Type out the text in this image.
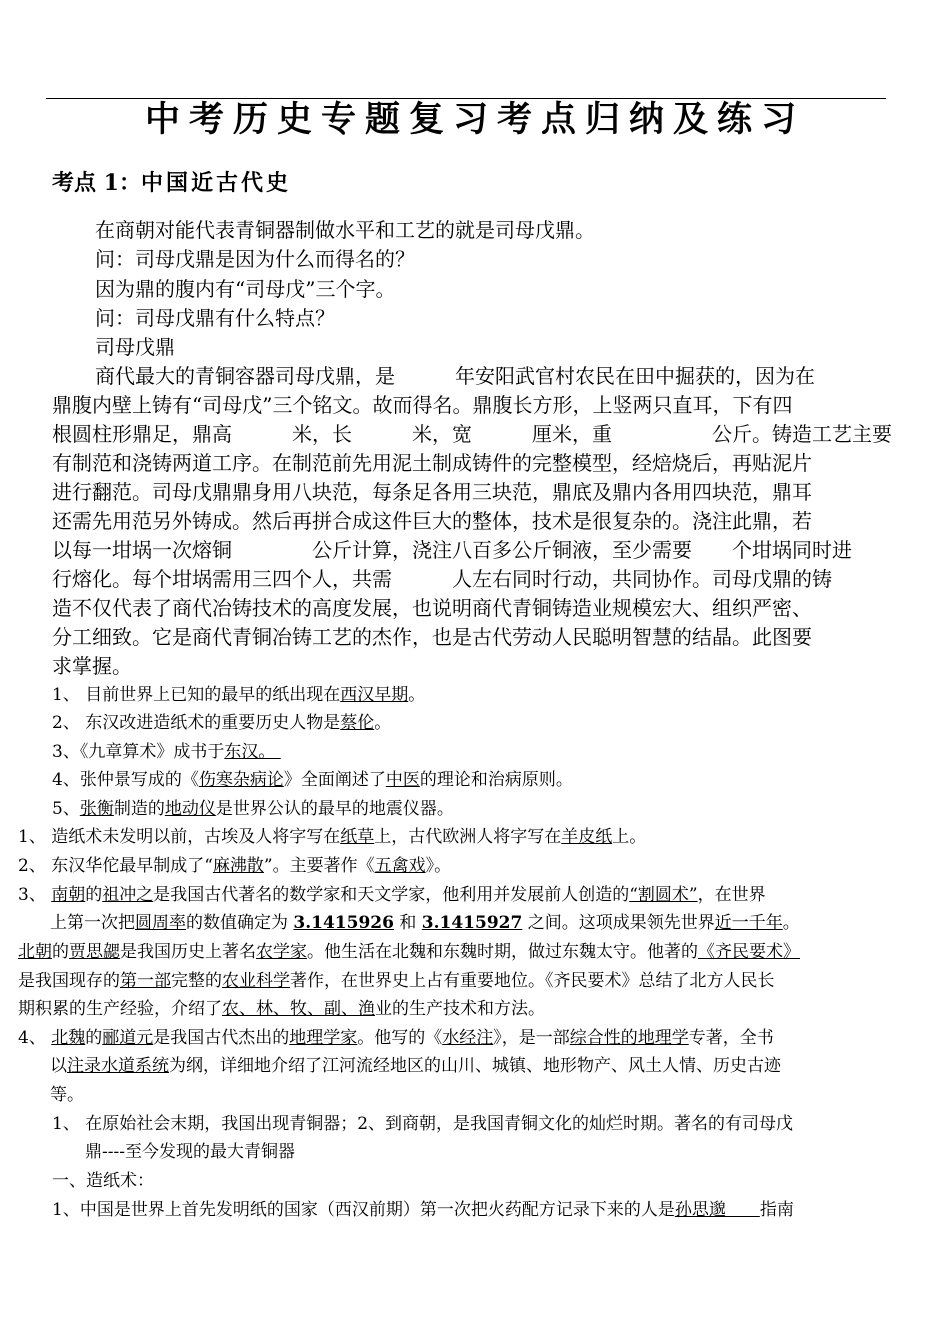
中考历史专题复习考点归纳及练习
考点 1：中国近古代史
在商朝对能代表青铜器制做水平和工艺的就是司母戊鼎。
问：司母戊鼎是因为什么而得名的？
因为鼎的腹内有“司母戊”三个字。
问：司母戊鼎有什么特点？
司母戊鼎
商代最大的青铜容器司母戊鼎，是　　　年安阳武官村农民在田中掘获的，因为在
鼎腹内壁上铸有“司母戊”三个铭文。故而得名。鼎腹长方形，上竖两只直耳，下有四
根圆柱形鼎足，鼎高　　　米，长　　　米，宽　　　厘米，重　　　　　公斤。铸造工艺主要
有制范和浇铸两道工序。在制范前先用泥土制成铸件的完整模型，经焙烧后，再贴泥片
进行翻范。司母戊鼎鼎身用八块范，每条足各用三块范，鼎底及鼎内各用四块范，鼎耳
还需先用范另外铸成。然后再拼合成这件巨大的整体，技术是很复杂的。浇注此鼎，若
以每一坩埚一次熔铜　　　　公斤计算，浇注八百多公斤铜液，至少需要　　个坩埚同时进
行熔化。每个坩埚需用三四个人，共需　　　人左右同时行动，共同协作。司母戊鼎的铸
造不仅代表了商代冶铸技术的高度发展，也说明商代青铜铸造业规模宏大、组织严密、
分工细致。它是商代青铜冶铸工艺的杰作，也是古代劳动人民聪明智慧的结晶。此图要
求掌握。
1、 目前世界上已知的最早的纸出现在西汉早期。
2、 东汉改进造纸术的重要历史人物是蔡伦。
3、《九章算术》成书于东汉。
4、张仲景写成的《伤寒杂病论》全面阐述了中医的理论和治病原则。
5、张衡制造的地动仪是世界公认的最早的地震仪器。
1、 造纸术未发明以前，古埃及人将字写在纸草上，古代欧洲人将字写在羊皮纸上。
2、 东汉华佗最早制成了“麻沸散”。主要著作《五禽戏》。
3、 南朝的祖冲之是我国古代著名的数学家和天文学家，他利用并发展前人创造的“割圆术”，在世界
上第一次把圆周率的数值确定为 3.1415926 和 3.1415927 之间。这项成果领先世界近一千年。
北朝的贾思勰是我国历史上著名农学家。他生活在北魏和东魏时期，做过东魏太守。他著的《齐民要术》
是我国现存的第一部完整的农业科学著作，在世界史上占有重要地位。《齐民要术》总结了北方人民长
期积累的生产经验，介绍了农、林、牧、副、渔业的生产技术和方法。
4、 北魏的郦道元是我国古代杰出的地理学家。他写的《水经注》，是一部综合性的地理学专著，全书
以注录水道系统为纲，详细地介绍了江河流经地区的山川、城镇、地形物产、风土人情、历史古迹
等。
1、 在原始社会末期，我国出现青铜器；2、到商朝，是我国青铜文化的灿烂时期。著名的有司母戊
鼎----至今发现的最大青铜器
一、造纸术：
1、中国是世界上首先发明纸的国家（西汉前期）第一次把火药配方记录下来的人是孙思邈　　指南
